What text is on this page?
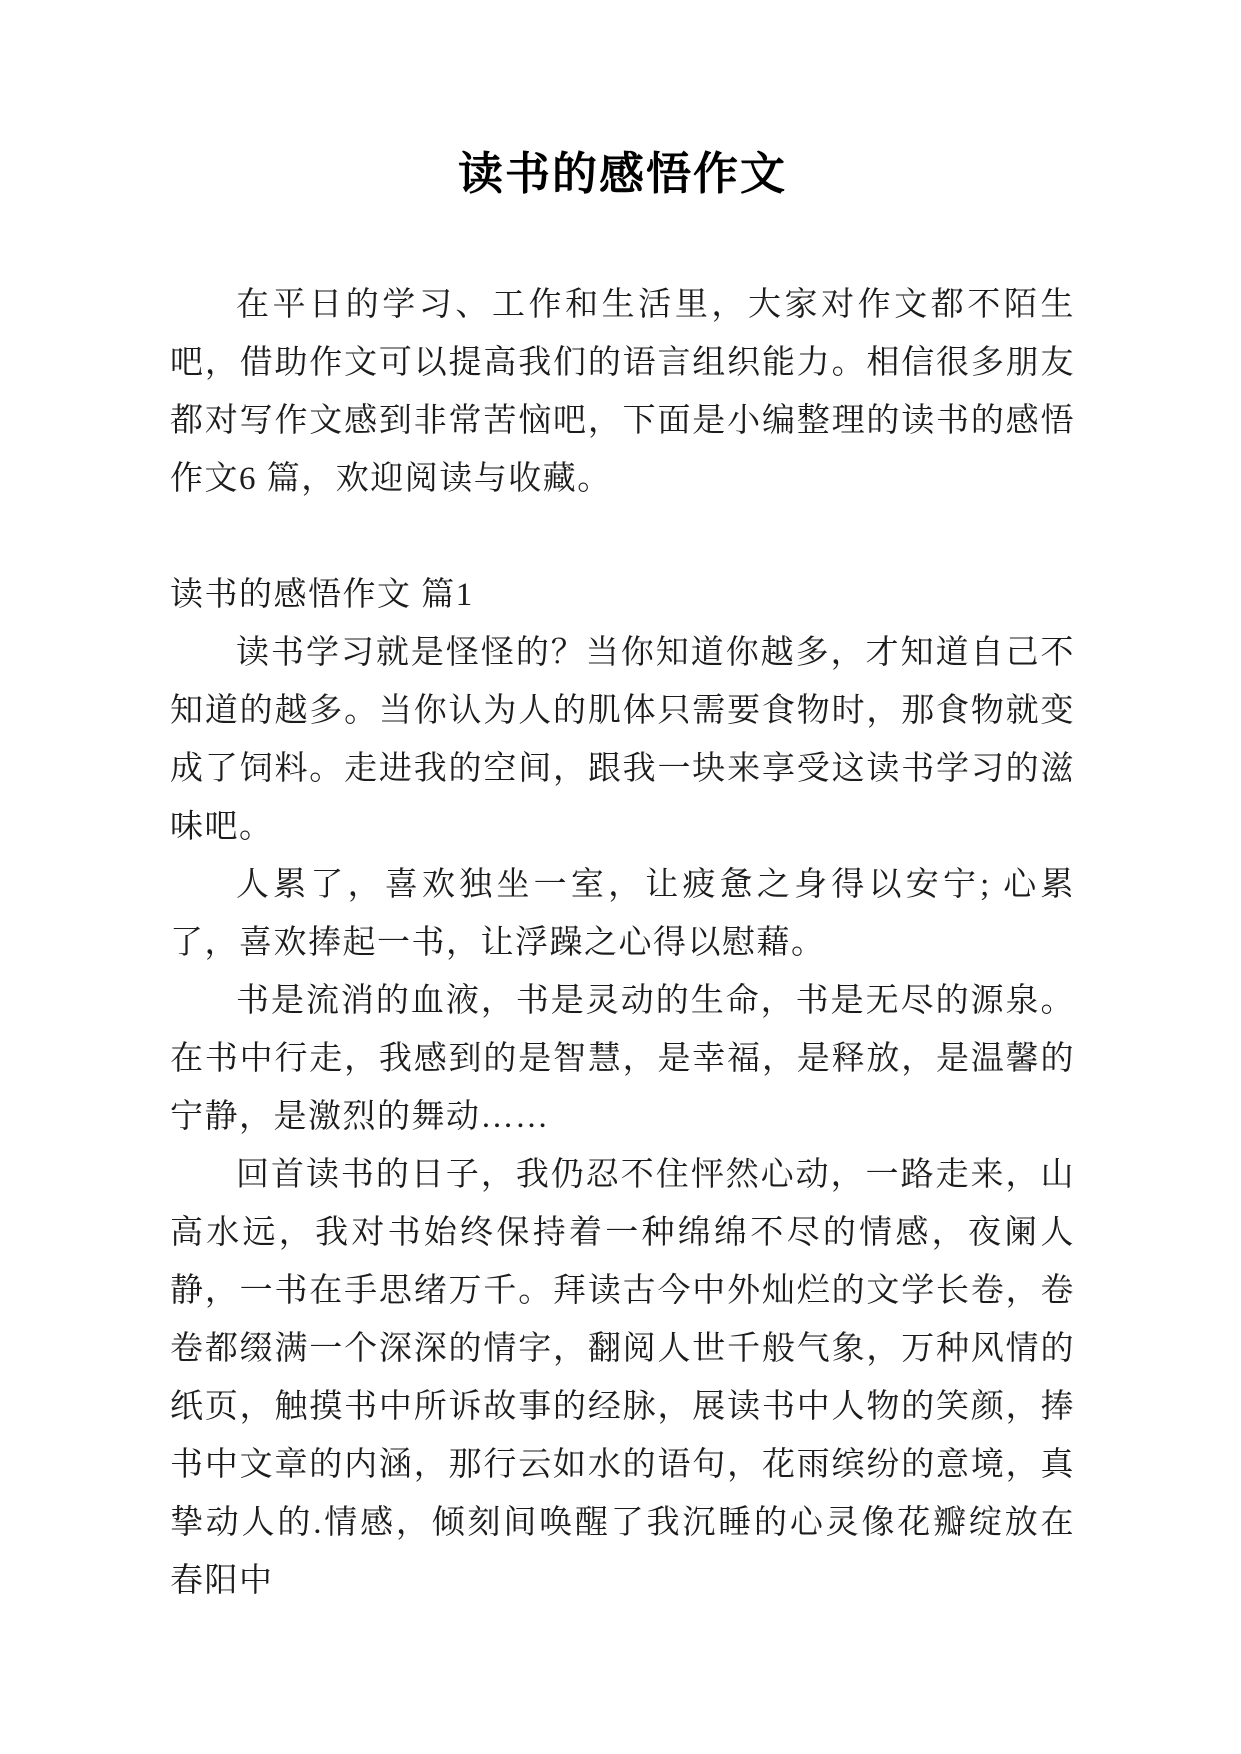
读书的感悟作文

在平日的学习、工作和生活里，大家对作文都不陌生吧，借助作文可以提高我们的语言组织能力。相信很多朋友都对写作文感到非常苦恼吧，下面是小编整理的读书的感悟作文6 篇，欢迎阅读与收藏。

读书的感悟作文 篇1

读书学习就是怪怪的？当你知道你越多，才知道自己不知道的越多。当你认为人的肌体只需要食物时，那食物就变成了饲料。走进我的空间，跟我一块来享受这读书学习的滋味吧。

人累了，喜欢独坐一室，让疲惫之身得以安宁; 心累了，喜欢捧起一书，让浮躁之心得以慰藉。

书是流消的血液，书是灵动的生命，书是无尽的源泉。在书中行走，我感到的是智慧，是幸福，是释放，是温馨的宁静，是激烈的舞动……

回首读书的日子，我仍忍不住怦然心动，一路走来，山高水远，我对书始终保持着一种绵绵不尽的情感，夜阑人静，一书在手思绪万千。拜读古今中外灿烂的文学长卷，卷卷都缀满一个深深的情字，翻阅人世千般气象，万种风情的纸页，触摸书中所诉故事的经脉，展读书中人物的笑颜，捧书中文章的内涵，那行云如水的语句，花雨缤纷的意境，真挚动人的.情感，倾刻间唤醒了我沉睡的心灵像花瓣绽放在春阳中
